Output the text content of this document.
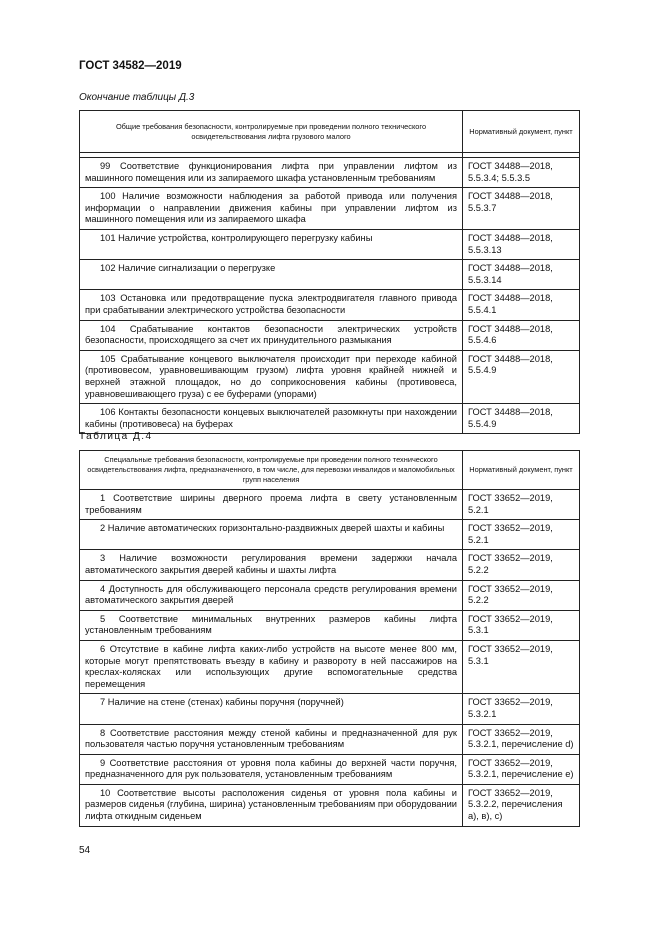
ГОСТ 34582—2019
Окончание таблицы Д.3
Общие требования безопасности, контролируемые при проведении полного технического освидетельствования лифта грузового малого	Нормативный документ, пункт

99 Соответствие функционирования лифта при управлении лифтом из машинного помещения или из запираемого шкафа установленным требованиям	ГОСТ 34488—2018, 5.5.3.4; 5.5.3.5
100 Наличие возможности наблюдения за работой привода или получения информации о направлении движения кабины при управлении лифтом из машинного помещения или из запираемого шкафа	ГОСТ 34488—2018, 5.5.3.7
101 Наличие устройства, контролирующего перегрузку кабины	ГОСТ 34488—2018, 5.5.3.13
102 Наличие сигнализации о перегрузке	ГОСТ 34488—2018, 5.5.3.14
103 Остановка или предотвращение пуска электродвигателя главного привода при срабатывании электрического устройства безопасности	ГОСТ 34488—2018, 5.5.4.1
104 Срабатывание контактов безопасности электрических устройств безопасности, происходящего за счет их принудительного размыкания	ГОСТ 34488—2018, 5.5.4.6
105 Срабатывание концевого выключателя происходит при переходе кабиной (противовесом, уравновешивающим грузом) лифта уровня крайней нижней и верхней этажной площадок, но до соприкосновения кабины (противовеса, уравновешивающего груза) с ее буферами (упорами)	ГОСТ 34488—2018, 5.5.4.9
106 Контакты безопасности концевых выключателей разомкнуты при нахождении кабины (противовеса) на буферах	ГОСТ 34488—2018, 5.5.4.9
Таблица Д.4
Специальные требования безопасности, контролируемые при проведении полного технического освидетельствования лифта, предназначенного, в том числе, для перевозки инвалидов и маломобильных групп населения	Нормативный документ, пункт
1 Соответствие ширины дверного проема лифта в свету установленным требованиям	ГОСТ 33652—2019, 5.2.1
2 Наличие автоматических горизонтально-раздвижных дверей шахты и кабины	ГОСТ 33652—2019, 5.2.1
3 Наличие возможности регулирования времени задержки начала автоматического закрытия дверей кабины и шахты лифта	ГОСТ 33652—2019, 5.2.2
4 Доступность для обслуживающего персонала средств регулирования времени автоматического закрытия дверей	ГОСТ 33652—2019, 5.2.2
5 Соответствие минимальных внутренних размеров кабины лифта установленным требованиям	ГОСТ 33652—2019, 5.3.1
6 Отсутствие в кабине лифта каких-либо устройств на высоте менее 800 мм, которые могут препятствовать въезду в кабину и развороту в ней пассажиров на креслах-колясках или использующих другие вспомогательные средства перемещения	ГОСТ 33652—2019, 5.3.1
7 Наличие на стене (стенах) кабины поручня (поручней)	ГОСТ 33652—2019, 5.3.2.1
8 Соответствие расстояния между стеной кабины и предназначенной для рук пользователя частью поручня установленным требованиям	ГОСТ 33652—2019, 5.3.2.1, перечисление d)
9 Соответствие расстояния от уровня пола кабины до верхней части поручня, предназначенного для рук пользователя, установленным требованиям	ГОСТ 33652—2019, 5.3.2.1, перечисление e)
10 Соответствие высоты расположения сиденья от уровня пола кабины и размеров сиденья (глубина, ширина) установленным требованиям при оборудовании лифта откидным сиденьем	ГОСТ 33652—2019, 5.3.2.2, перечисления a), в), c)
54
